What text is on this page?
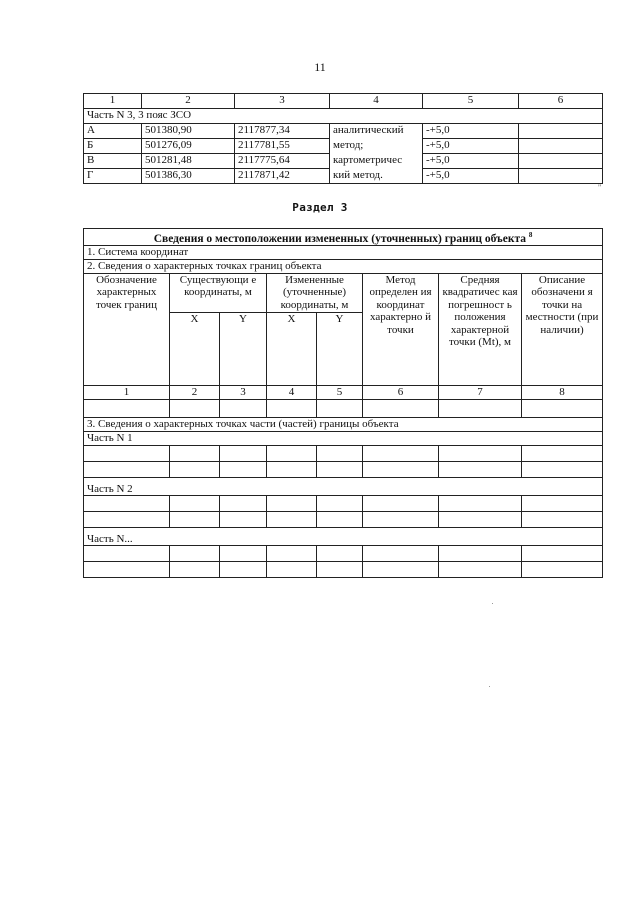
11
1	2	3	4	5	6
Часть N 3, 3 пояс ЗСО					
А	501380,90	2117877,34	аналитический	-+5,0	
Б	501276,09	2117781,55	метод;	-+5,0	
В	501281,48	2117775,64	картометричес	-+5,0	
Г	501386,30	2117871,42	кий метод.	-+5,0	
"
Раздел 3
Сведения о местоположении измененных (уточненных) границ объекта $^8$
1. Система координат							
2. Сведения о характерных точках границ объекта							
Обозначение характерных точек границ	Существующи е координаты, м		Измененные (уточненные) координаты, м		Метод определен ия координат характерно й точки	Средняя квадратичес кая погрешност ь положения характерной точки (Mt), м	Описание обозначени я точки на местности (при наличии)
	X	Y	X	Y			
1	2	3	4	5	6	7	8

3. Сведения о характерных точках части (частей) границы объекта							
Часть N 1							

Часть N 2							

Часть N...							
